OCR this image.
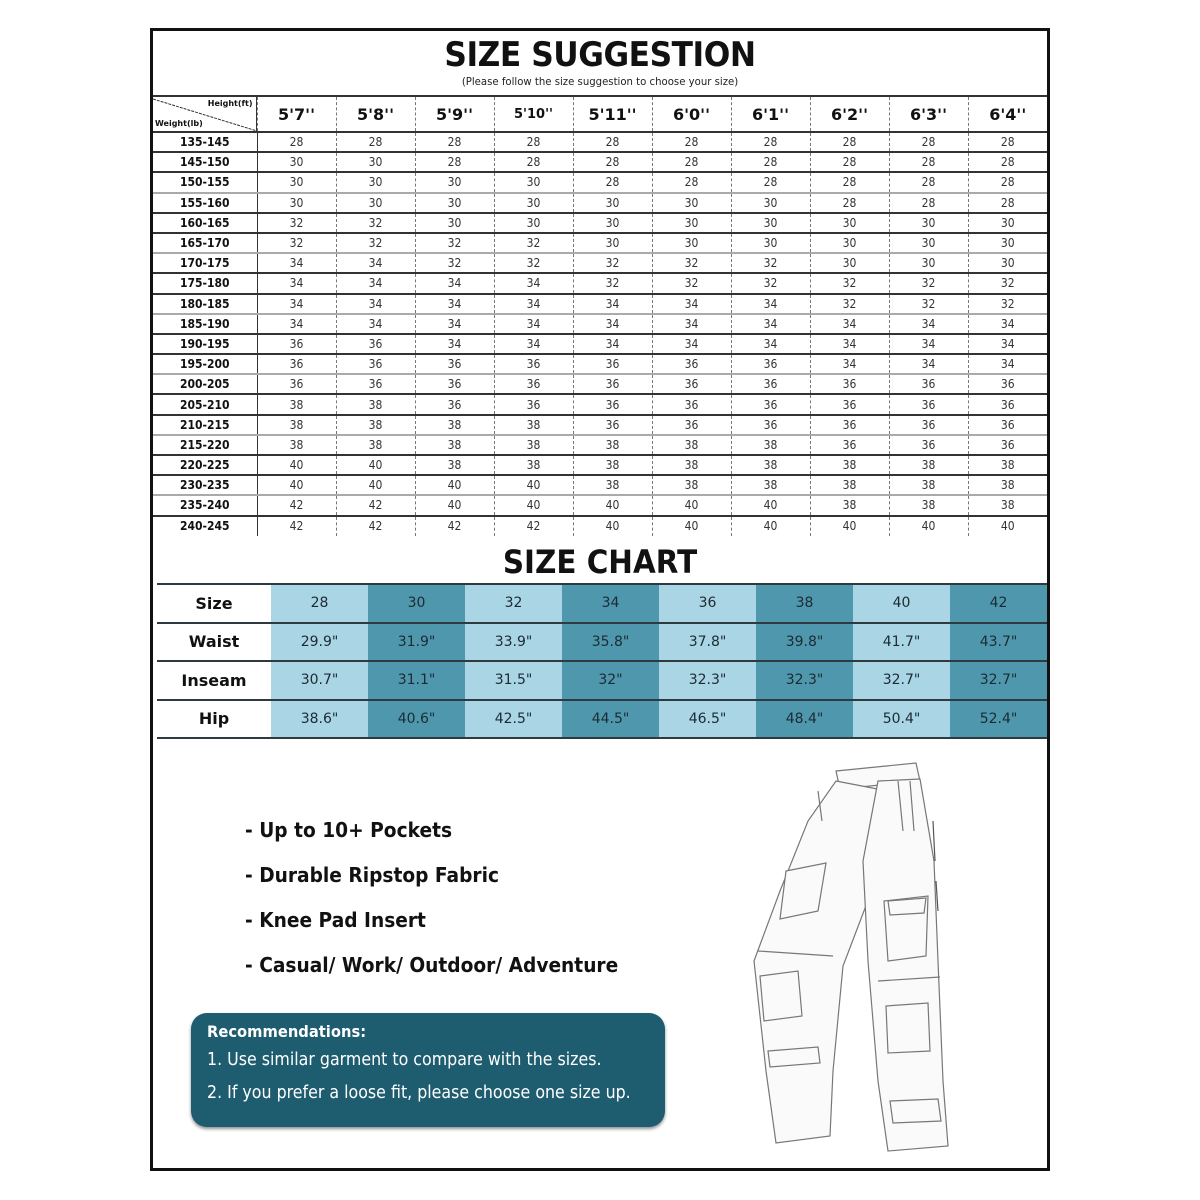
SIZE SUGGESTION
(Please follow the size suggestion to choose your size)
Height(ft)
Weight(lb)	5'7''	5'8''	5'9''	5'10''	5'11''	6'0''	6'1''	6'2''	6'3''	6'4''
135-145	28	28	28	28	28	28	28	28	28	28
145-150	30	30	28	28	28	28	28	28	28	28
150-155	30	30	30	30	28	28	28	28	28	28
155-160	30	30	30	30	30	30	30	28	28	28
160-165	32	32	30	30	30	30	30	30	30	30
165-170	32	32	32	32	30	30	30	30	30	30
170-175	34	34	32	32	32	32	32	30	30	30
175-180	34	34	34	34	32	32	32	32	32	32
180-185	34	34	34	34	34	34	34	32	32	32
185-190	34	34	34	34	34	34	34	34	34	34
190-195	36	36	34	34	34	34	34	34	34	34
195-200	36	36	36	36	36	36	36	34	34	34
200-205	36	36	36	36	36	36	36	36	36	36
205-210	38	38	36	36	36	36	36	36	36	36
210-215	38	38	38	38	36	36	36	36	36	36
215-220	38	38	38	38	38	38	38	36	36	36
220-225	40	40	38	38	38	38	38	38	38	38
230-235	40	40	40	40	38	38	38	38	38	38
235-240	42	42	40	40	40	40	40	38	38	38
240-245	42	42	42	42	40	40	40	40	40	40
SIZE CHART
Size	28	30	32	34	36	38	40	42
Waist	29.9"	31.9"	33.9"	35.8"	37.8"	39.8"	41.7"	43.7"
Inseam	30.7"	31.1"	31.5"	32"	32.3"	32.3"	32.7"	32.7"
Hip	38.6"	40.6"	42.5"	44.5"	46.5"	48.4"	50.4"	52.4"
- Up to 10+ Pockets
- Durable Ripstop Fabric
- Knee Pad Insert
- Casual/ Work/ Outdoor/ Adventure
Recommendations:
1. Use similar garment to compare with the sizes.
2. If you prefer a loose fit, please choose one size up.
